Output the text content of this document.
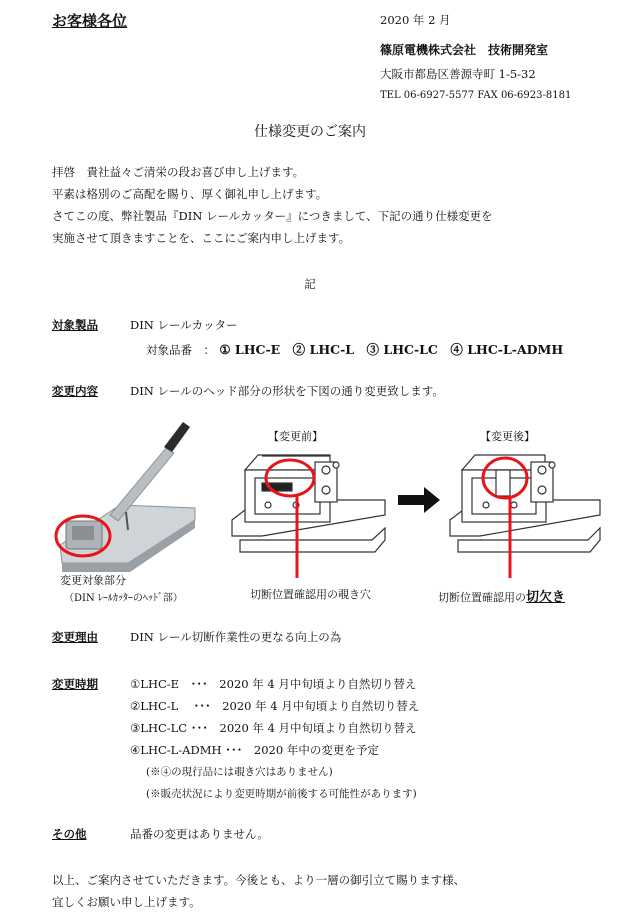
お客様各位	2020 年 2 月
篠原電機株式会社　技術開発室
大阪市都島区善源寺町 1-5-32
TEL 06-6927-5577 FAX 06-6923-8181
仕様変更のご案内
拝啓　貴社益々ご清栄の段お喜び申し上げます。
平素は格別のご高配を賜り、厚く御礼申し上げます。
さてこの度、弊社製品『DIN レールカッター』につきまして、下記の通り仕様変更を
実施させて頂きますことを、ここにご案内申し上げます。
記
対象製品	DIN レールカッター
対象品番　： ① LHC-E　② LHC-L　③ LHC-LC　④ LHC-L-ADMH
変更内容	DIN レールのヘッド部分の形状を下図の通り変更致します。
【変更前】	【変更後】
変更対象部分
（DIN ﾚｰﾙｶｯﾀｰのﾍｯﾄﾞ部）	切断位置確認用の覗き穴	切断位置確認用の切欠き
変更理由	DIN レール切断作業性の更なる向上の為
変更時期	①LHC-E　･･･　2020 年 4 月中旬頃より自然切り替え
②LHC-L　 ･･･　2020 年 4 月中旬頃より自然切り替え
③LHC-LC ･･･　2020 年 4 月中旬頃より自然切り替え
④LHC-L-ADMH ･･･　2020 年中の変更を予定
(※④の現行品には覗き穴はありません)
(※販売状況により変更時期が前後する可能性があります)
その他	品番の変更はありません。
以上、ご案内させていただきます。今後とも、より一層の御引立て賜ります様、
宜しくお願い申し上げます。
